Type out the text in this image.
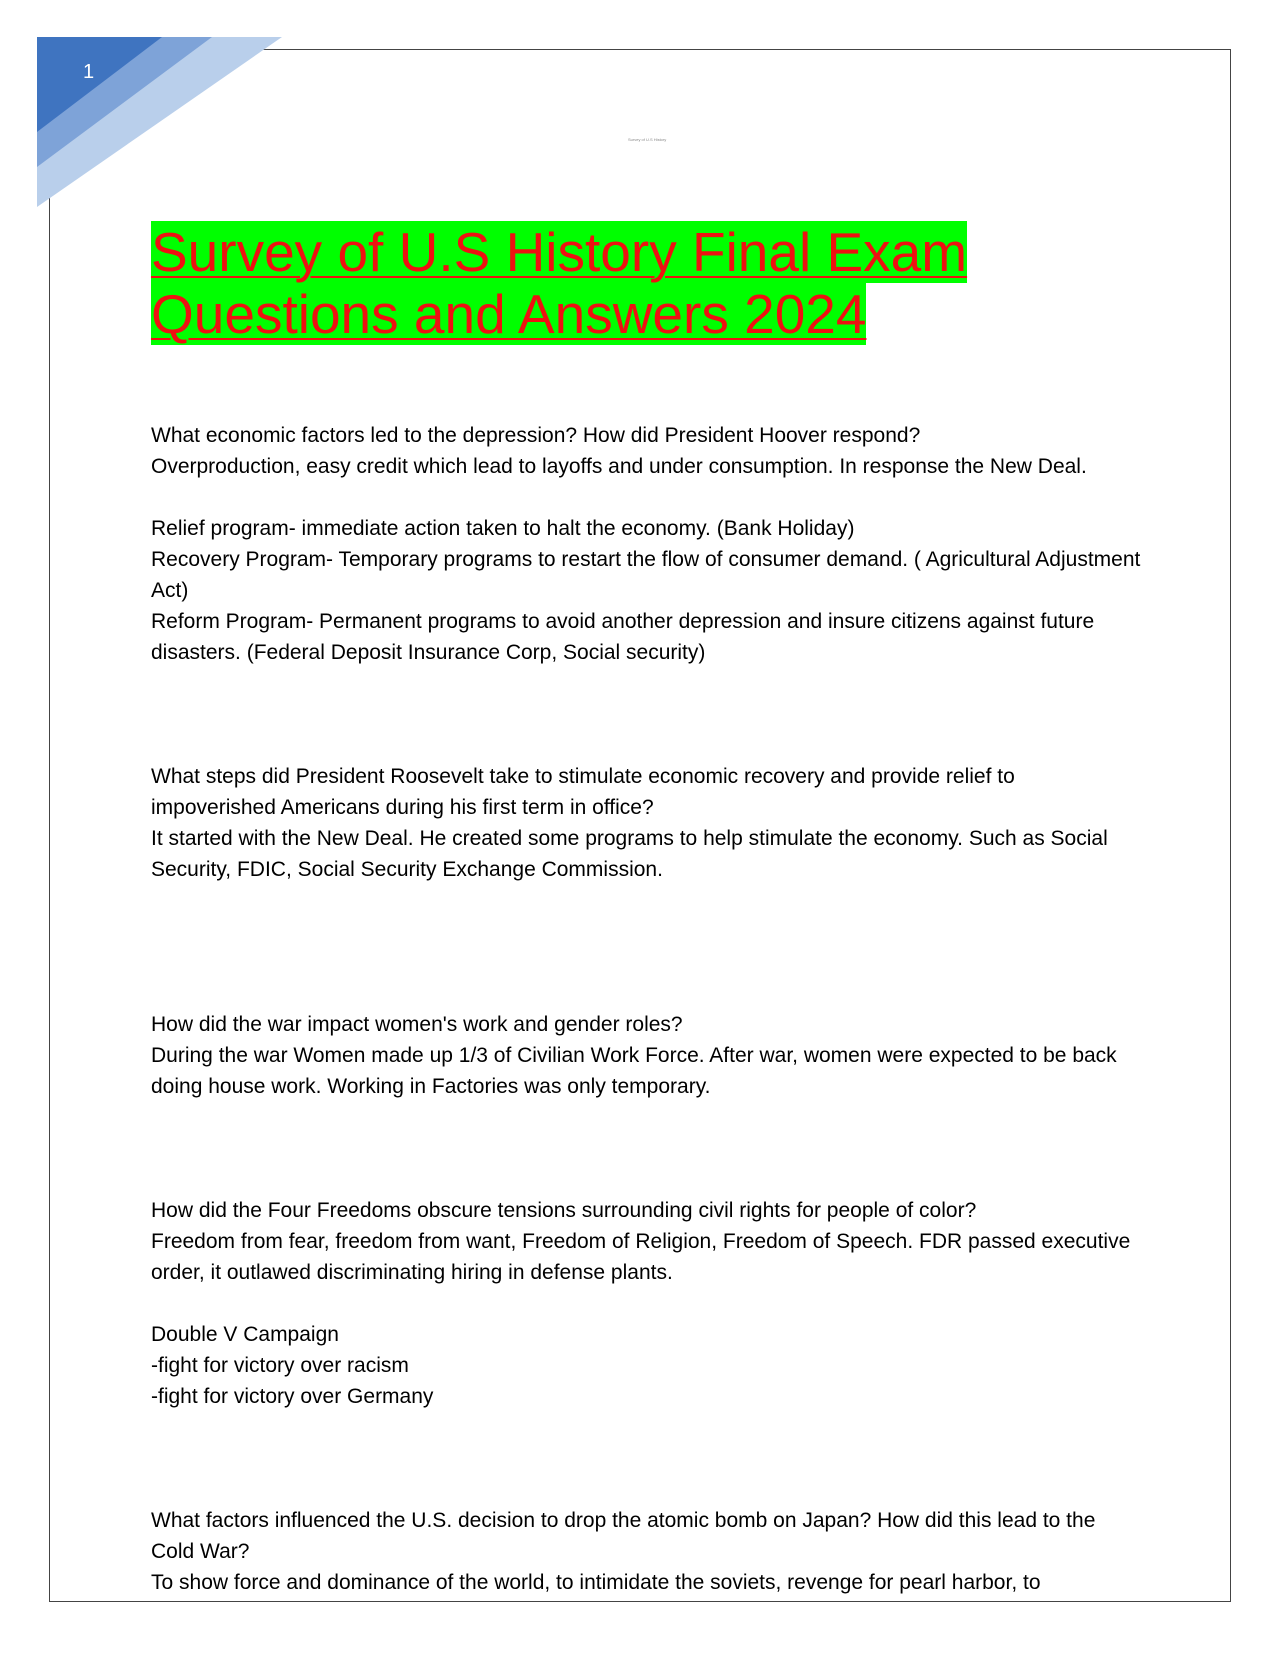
1
Survey of U.S History
Survey of U.S History Final Exam
Questions and Answers 2024

What economic factors led to the depression? How did President Hoover respond?

Overproduction, easy credit which lead to layoffs and under consumption. In response the New Deal.

Relief program- immediate action taken to halt the economy. (Bank Holiday)

Recovery Program- Temporary programs to restart the flow of consumer demand. ( Agricultural Adjustment Act)

Reform Program- Permanent programs to avoid another depression and insure citizens against future disasters. (Federal Deposit Insurance Corp, Social security)

What steps did President Roosevelt take to stimulate economic recovery and provide relief to impoverished Americans during his first term in office?

It started with the New Deal. He created some programs to help stimulate the economy. Such as Social Security, FDIC, Social Security Exchange Commission.

How did the war impact women's work and gender roles?

During the war Women made up 1/3 of Civilian Work Force. After war, women were expected to be back doing house work. Working in Factories was only temporary.

How did the Four Freedoms obscure tensions surrounding civil rights for people of color?

Freedom from fear, freedom from want, Freedom of Religion, Freedom of Speech. FDR passed executive order, it outlawed discriminating hiring in defense plants.

Double V Campaign

-fight for victory over racism

-fight for victory over Germany

What factors influenced the U.S. decision to drop the atomic bomb on Japan? How did this lead to the Cold War?

To show force and dominance of the world, to intimidate the soviets, revenge for pearl harbor, to
